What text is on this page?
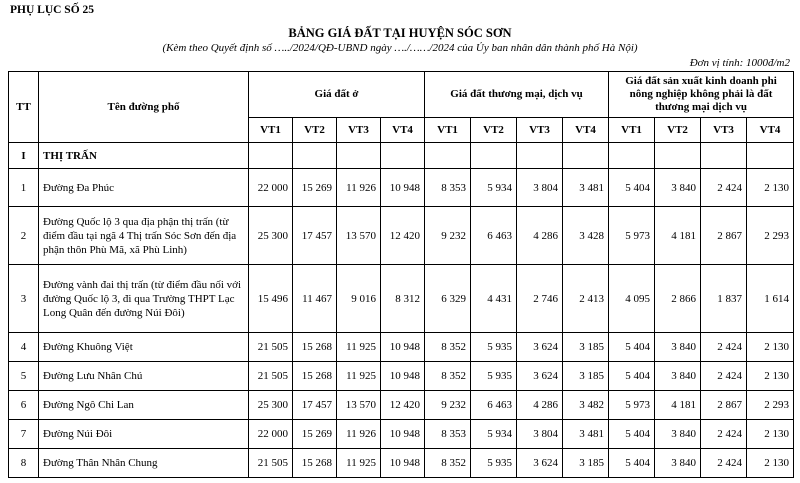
PHỤ LỤC SỐ 25
BẢNG GIÁ ĐẤT TẠI HUYỆN SÓC SƠN
(Kèm theo Quyết định số …../2024/QĐ-UBND ngày …./……/2024 của Ủy ban nhân dân thành phố Hà Nội)
Đơn vị tính: 1000đ/m2
TT	Tên đường phố	Giá đất ở				Giá đất thương mại, dịch vụ				Giá đất sản xuất kinh doanh phi nông nghiệp không phải là đất thương mại dịch vụ			
		VT1	VT2	VT3	VT4	VT1	VT2	VT3	VT4	VT1	VT2	VT3	VT4
I	THỊ TRẤN												
1	Đường Đa Phúc	22 000	15 269	11 926	10 948	8 353	5 934	3 804	3 481	5 404	3 840	2 424	2 130
2	Đường Quốc lộ 3 qua địa phận thị trấn (từ điểm đầu tại ngã 4 Thị trấn Sóc Sơn đến địa phận thôn Phù Mã, xã Phù Linh)	25 300	17 457	13 570	12 420	9 232	6 463	4 286	3 428	5 973	4 181	2 867	2 293
3	Đường vành đai thị trấn (từ điểm đầu nối với đường Quốc lộ 3, đi qua Trường THPT Lạc Long Quân đến đường Núi Đôi)	15 496	11 467	9 016	8 312	6 329	4 431	2 746	2 413	4 095	2 866	1 837	1 614
4	Đường Khuông Việt	21 505	15 268	11 925	10 948	8 352	5 935	3 624	3 185	5 404	3 840	2 424	2 130
5	Đường Lưu Nhân Chú	21 505	15 268	11 925	10 948	8 352	5 935	3 624	3 185	5 404	3 840	2 424	2 130
6	Đường Ngô Chi Lan	25 300	17 457	13 570	12 420	9 232	6 463	4 286	3 482	5 973	4 181	2 867	2 293
7	Đường Núi Đôi	22 000	15 269	11 926	10 948	8 353	5 934	3 804	3 481	5 404	3 840	2 424	2 130
8	Đường Thân Nhân Chung	21 505	15 268	11 925	10 948	8 352	5 935	3 624	3 185	5 404	3 840	2 424	2 130
